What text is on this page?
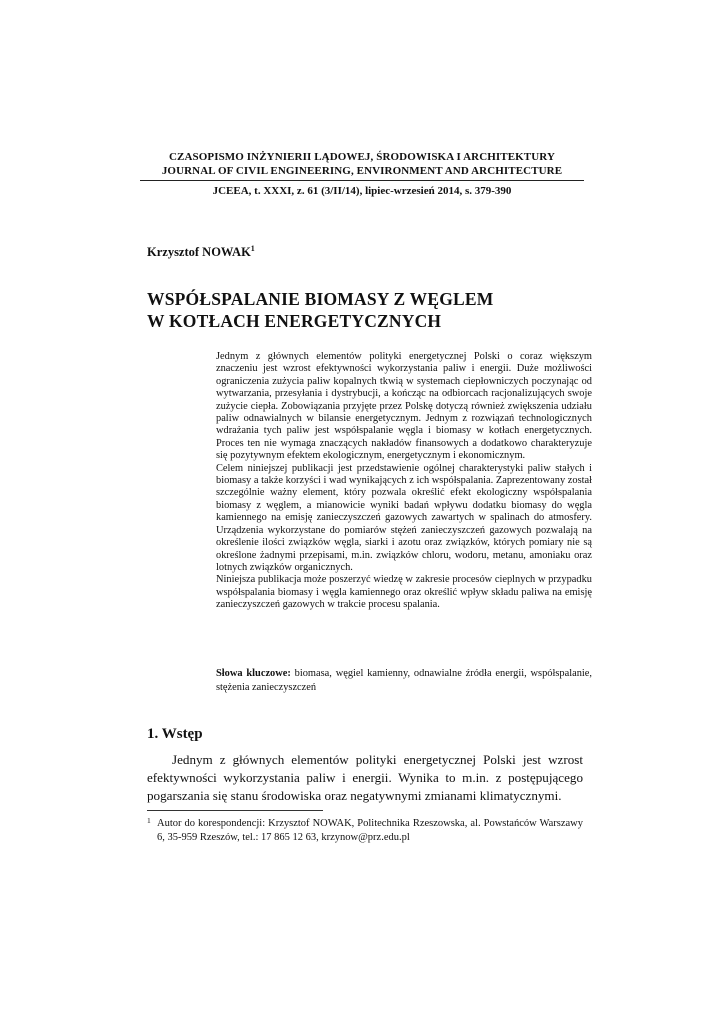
CZASOPISMO INŻYNIERII LĄDOWEJ, ŚRODOWISKA I ARCHITEKTURY
JOURNAL OF CIVIL ENGINEERING, ENVIRONMENT AND ARCHITECTURE
JCEEA, t. XXXI, z. 61 (3/II/14), lipiec-wrzesień 2014, s. 379-390
Krzysztof NOWAK$^1$
WSPÓŁSPALANIE BIOMASY Z WĘGLEM
W KOTŁACH ENERGETYCZNYCH

Jednym z głównych elementów polityki energetycznej Polski o coraz większym znaczeniu jest wzrost efektywności wykorzystania paliw i energii. Duże możliwości ograniczenia zużycia paliw kopalnych tkwią w systemach ciepłowniczych poczynając od wytwarzania, przesyłania i dystrybucji, a kończąc na odbiorcach racjonalizujących swoje zużycie ciepła. Zobowiązania przyjęte przez Polskę dotyczą również zwiększenia udziału paliw odnawialnych w bilansie energetycznym. Jednym z rozwiązań technologicznych wdrażania tych paliw jest współspalanie węgla i biomasy w kotłach energetycznych. Proces ten nie wymaga znaczących nakładów finansowych a dodatkowo charakteryzuje się pozytywnym efektem ekologicznym, energetycznym i ekonomicznym.

Celem niniejszej publikacji jest przedstawienie ogólnej charakterystyki paliw stałych i biomasy a także korzyści i wad wynikających z ich współspalania. Zaprezentowany został szczególnie ważny element, który pozwala określić efekt ekologiczny współspalania biomasy z węglem, a mianowicie wyniki badań wpływu dodatku biomasy do węgla kamiennego na emisję zanieczyszczeń gazowych zawartych w spalinach do atmosfery. Urządzenia wykorzystane do pomiarów stężeń zanieczyszczeń gazowych pozwalają na określenie ilości związków węgla, siarki i azotu oraz związków, których pomiary nie są określone żadnymi przepisami, m.in. związków chloru, wodoru, metanu, amoniaku oraz lotnych związków organicznych.

Niniejsza publikacja może poszerzyć wiedzę w zakresie procesów cieplnych w przypadku współspalania biomasy i węgla kamiennego oraz określić wpływ składu paliwa na emisję zanieczyszczeń gazowych w trakcie procesu spalania.

Słowa kluczowe: biomasa, węgiel kamienny, odnawialne źródła energii, współspalanie, stężenia zanieczyszczeń
1. Wstęp

Jednym z głównych elementów polityki energetycznej Polski jest wzrost efektywności wykorzystania paliw i energii. Wynika to m.in. z postępującego pogarszania się stanu środowiska oraz negatywnymi zmianami klimatycznymi.

1 Autor do korespondencji: Krzysztof NOWAK, Politechnika Rzeszowska, al. Powstańców Warszawy 6, 35-959 Rzeszów, tel.: 17 865 12 63, krzynow@prz.edu.pl
